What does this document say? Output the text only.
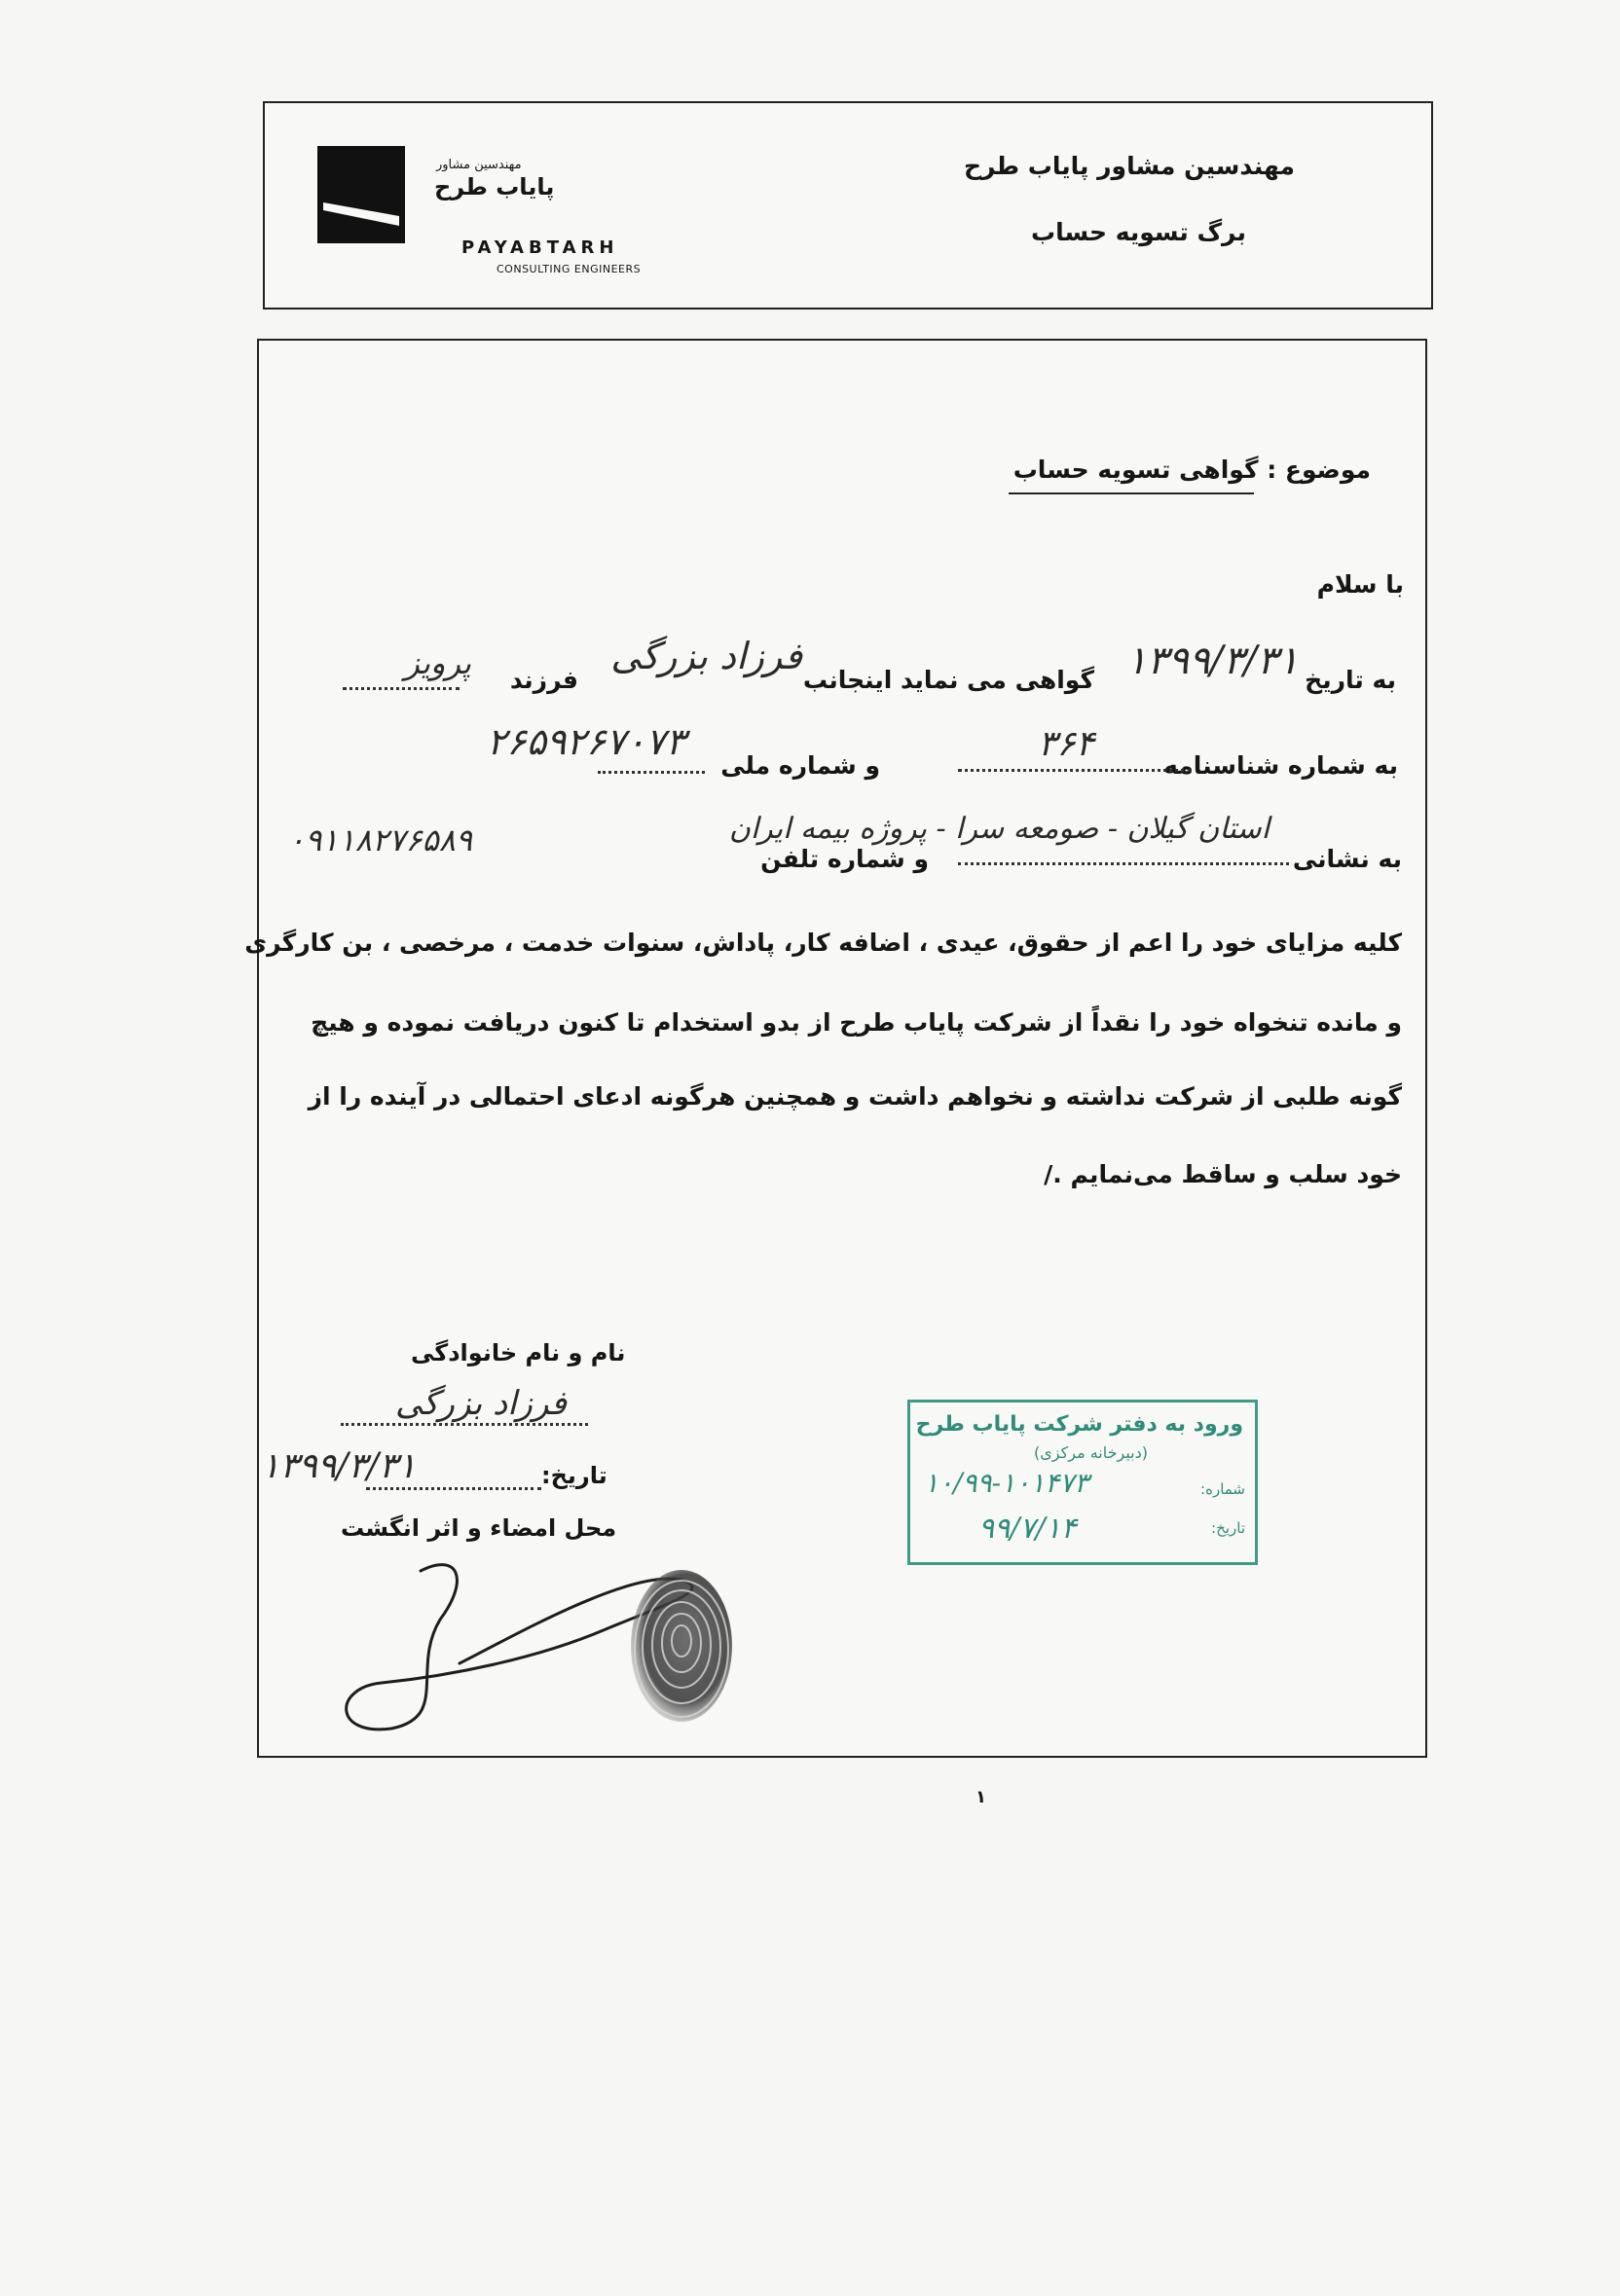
مهندسین مشاور پایاب طرح
برگ تسویه حساب
مهندسین مشاور
پایاب طرح
PAYABTARH
CONSULTING ENGINEERS
موضوع : گواهی تسویه حساب
با سلام
به تاریخ
۱۳۹۹/۳/۳۱
گواهی می نماید اینجانب
فرزاد بزرگی
فرزند
پرویز
به شماره شناسنامه
۳۶۴
و شماره ملی
۲۶۵۹۲۶۷۰۷۳
به نشانی
استان گیلان - صومعه سرا - پروژه بیمه ایران
و شماره تلفن
۰۹۱۱۸۲۷۶۵۸۹
کلیه مزایای خود را اعم از حقوق، عیدی ، اضافه کار، پاداش، سنوات خدمت ، مرخصی ، بن کارگری
و مانده تنخواه خود را نقداً از شرکت پایاب طرح از بدو استخدام تا کنون دریافت نموده و هیچ
گونه طلبی از شرکت نداشته و نخواهم داشت و همچنین هرگونه ادعای احتمالی در آینده را از
خود سلب و ساقط می‌نمایم ./
نام و نام خانوادگی
فرزاد بزرگی
تاریخ:
۱۳۹۹/۳/۳۱
محل امضاء و اثر انگشت
ورود به دفتر شرکت پایاب طرح
(دبیرخانه مرکزی)
شماره:
۱۰/۹۹-۱۰۱۴۷۳
تاریخ:
۹۹/۷/۱۴
۱
